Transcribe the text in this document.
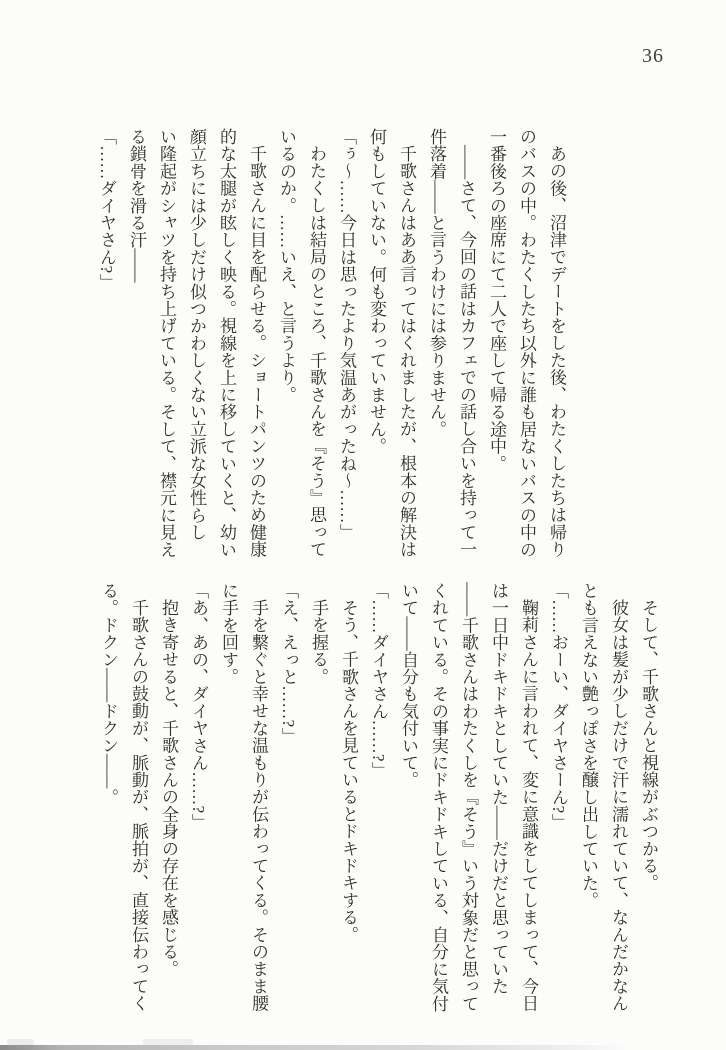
36
あの後、沼津でデートをした後、わたくしたちは帰り
のバスの中。わたくしたち以外に誰も居ないバスの中の
一番後ろの座席にて二人で座して帰る途中。
――さて、今回の話はカフェでの話し合いを持って一
件落着――と言うわけには参りません。
千歌さんはああ言ってはくれましたが、根本の解決は
何もしていない。何も変わっていません。
「ぅ〜……今日は思ったより気温あがったね〜……」
わたくしは結局のところ、千歌さんを『そう』思って
いるのか。……いえ、と言うより。
千歌さんに目を配らせる。ショートパンツのため健康
的な太腿が眩しく映る。視線を上に移していくと、幼い
顔立ちには少しだけ似つかわしくない立派な女性らし
い隆起がシャツを持ち上げている。そして、襟元に見え
る鎖骨を滑る汗――
「……ダイヤさん?」
そして、千歌さんと視線がぶつかる。
彼女は髪が少しだけで汗に濡れていて、なんだかなん
とも言えない艶っぽさを醸し出していた。
「……おーい、ダイヤさーん?」
鞠莉さんに言われて、変に意識をしてしまって、今日
は一日中ドキドキとしていた――だけだと思っていた
――千歌さんはわたくしを『そう』いう対象だと思って
くれている。その事実にドキドキしている、自分に気付
いて――自分も気付いて。
「……ダイヤさん……?」
そう、千歌さんを見ているとドキドキする。
手を握る。
「え、えっと……?」
手を繋ぐと幸せな温もりが伝わってくる。そのまま腰
に手を回す。
「あ、あの、ダイヤさん……?」
抱き寄せると、千歌さんの全身の存在を感じる。
千歌さんの鼓動が、脈動が、脈拍が、直接伝わってく
る。ドクン――ドクン――。
